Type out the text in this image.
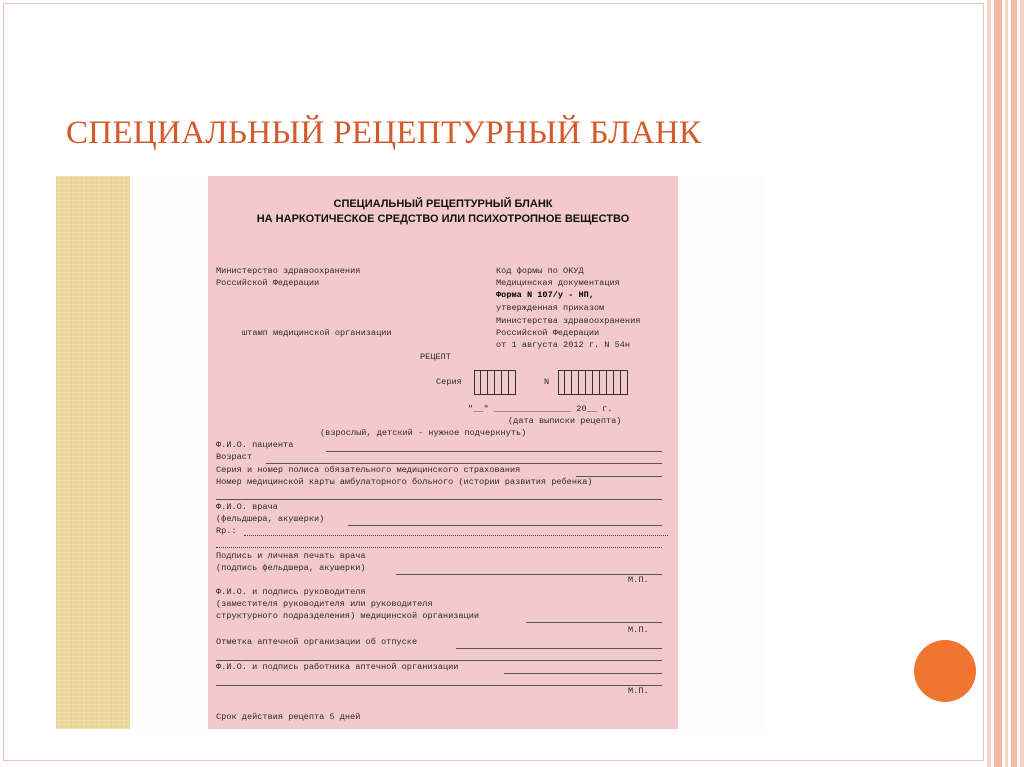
СПЕЦИАЛЬНЫЙ РЕЦЕПТУРНЫЙ БЛАНК
СПЕЦИАЛЬНЫЙ РЕЦЕПТУРНЫЙ БЛАНК
НА НАРКОТИЧЕСКОЕ СРЕДСТВО ИЛИ ПСИХОТРОПНОЕ ВЕЩЕСТВО
Министерство здравоохранения
Российской Федерации
штамп медицинской организации
Код формы по ОКУД
Медицинская документация
Форма N 107/у - НП,
утвержденная приказом
Министерства здравоохранения
Российской Федерации
от 1 августа 2012 г. N 54н
РЕЦЕПТ
Серия	N
"__" _______________ 20__ г.
(дата выписки рецепта)
(взрослый, детский - нужное подчеркнуть)
Ф.И.О. пациента
Возраст
Серия и номер полиса обязательного медицинского страхования
Номер медицинской карты амбулаторного больного (истории развития ребенка)
Ф.И.О. врача
(фельдшера, акушерки)
Rp.:
Подпись и личная печать врача
(подпись фельдшера, акушерки)
М.П.
Ф.И.О. и подпись руководителя
(заместителя руководителя или руководителя
структурного подразделения) медицинской организации
М.П.
Отметка аптечной организации об отпуске
Ф.И.О. и подпись работника аптечной организации
М.П.
Срок действия рецепта 5 дней
